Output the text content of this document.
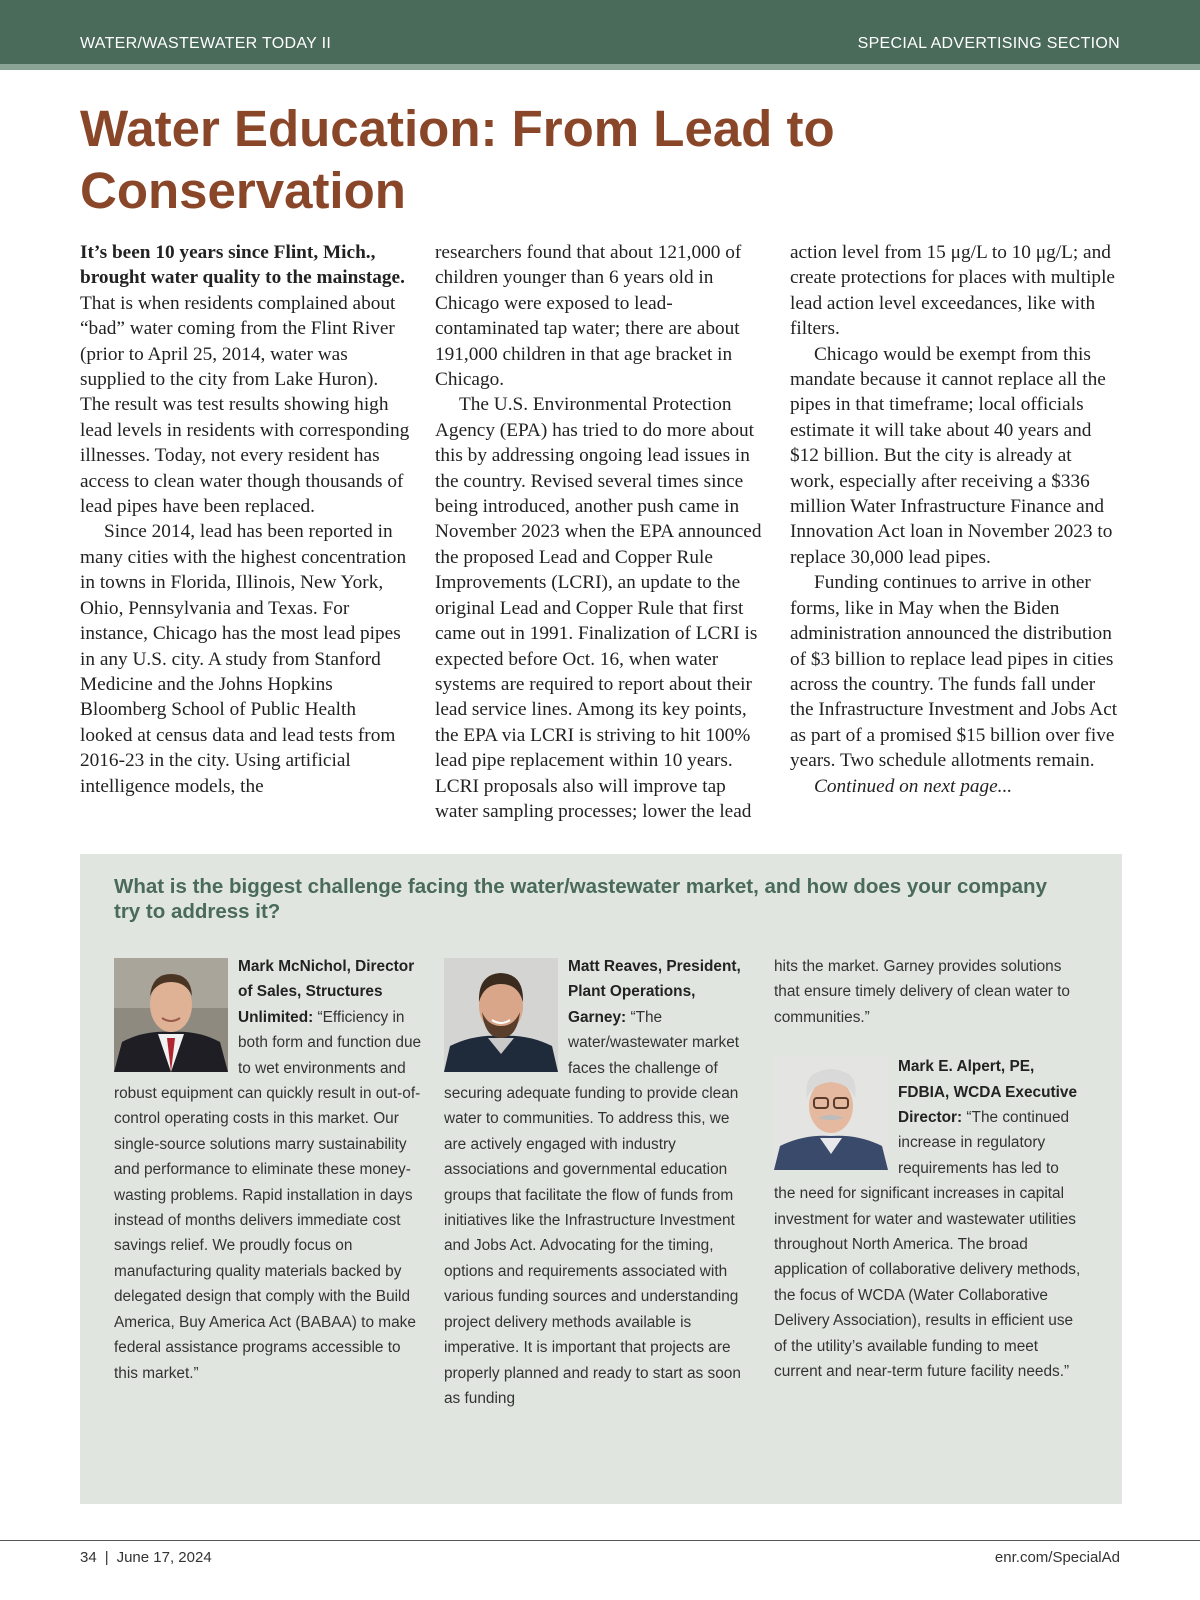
WATER/WASTEWATER TODAY II	SPECIAL ADVERTISING SECTION
Water Education: From Lead to Conservation

It’s been 10 years since Flint, Mich., brought water quality to the mainstage. That is when residents complained about “bad” water coming from the Flint River (prior to April 25, 2014, water was supplied to the city from Lake Huron). The result was test results showing high lead levels in residents with corresponding illnesses. Today, not every resident has access to clean water though thousands of lead pipes have been replaced.

Since 2014, lead has been reported in many cities with the highest concentration in towns in Florida, Illinois, New York, Ohio, Pennsylvania and Texas. For instance, Chicago has the most lead pipes in any U.S. city. A study from Stanford Medicine and the Johns Hopkins Bloomberg School of Public Health looked at census data and lead tests from 2016-23 in the city. Using artificial intelligence models, the

researchers found that about 121,000 of children younger than 6 years old in Chicago were exposed to lead-contaminated tap water; there are about 191,000 children in that age bracket in Chicago.

The U.S. Environmental Protection Agency (EPA) has tried to do more about this by addressing ongoing lead issues in the country. Revised several times since being introduced, another push came in November 2023 when the EPA announced the proposed Lead and Copper Rule Improvements (LCRI), an update to the original Lead and Copper Rule that first came out in 1991. Finalization of LCRI is expected before Oct. 16, when water systems are required to report about their lead service lines. Among its key points, the EPA via LCRI is striving to hit 100% lead pipe replacement within 10 years. LCRI proposals also will improve tap water sampling processes; lower the lead

action level from 15 μg/L to 10 μg/L; and create protections for places with multiple lead action level exceedances, like with filters.

Chicago would be exempt from this mandate because it cannot replace all the pipes in that timeframe; local officials estimate it will take about 40 years and $12 billion. But the city is already at work, especially after receiving a $336 million Water Infrastructure Finance and Innovation Act loan in November 2023 to replace 30,000 lead pipes.

Funding continues to arrive in other forms, like in May when the Biden administration announced the distribution of $3 billion to replace lead pipes in cities across the country. The funds fall under the Infrastructure Investment and Jobs Act as part of a promised $15 billion over five years. Two schedule allotments remain.

Continued on next page...

What is the biggest challenge facing the water/wastewater market, and how does your company try to address it?
Mark McNichol, Director of Sales, Structures Unlimited: “Efficiency in both form and function due to wet environments and robust equipment can quickly result in out-of-control operating costs in this market. Our single-source solutions marry sustainability and performance to eliminate these money-wasting problems. Rapid installation in days instead of months delivers immediate cost savings relief. We proudly focus on manufacturing quality materials backed by delegated design that comply with the Build America, Buy America Act (BABAA) to make federal assistance programs accessible to this market.”
Matt Reaves, President, Plant Operations, Garney: “The water/wastewater market faces the challenge of securing adequate funding to provide clean water to communities. To address this, we are actively engaged with industry associations and governmental education groups that facilitate the flow of funds from initiatives like the Infrastructure Investment and Jobs Act. Advocating for the timing, options and requirements associated with various funding sources and understanding project delivery methods available is imperative. It is important that projects are properly planned and ready to start as soon as funding
hits the market. Garney provides solutions that ensure timely delivery of clean water to communities.”
Mark E. Alpert, PE, FDBIA, WCDA Executive Director: “The continued increase in regulatory requirements has led to the need for significant increases in capital investment for water and wastewater utilities throughout North America. The broad application of collaborative delivery methods, the focus of WCDA (Water Collaborative Delivery Association), results in efficient use of the utility’s available funding to meet current and near-term future facility needs.”
34 | June 17, 2024	enr.com/SpecialAd
